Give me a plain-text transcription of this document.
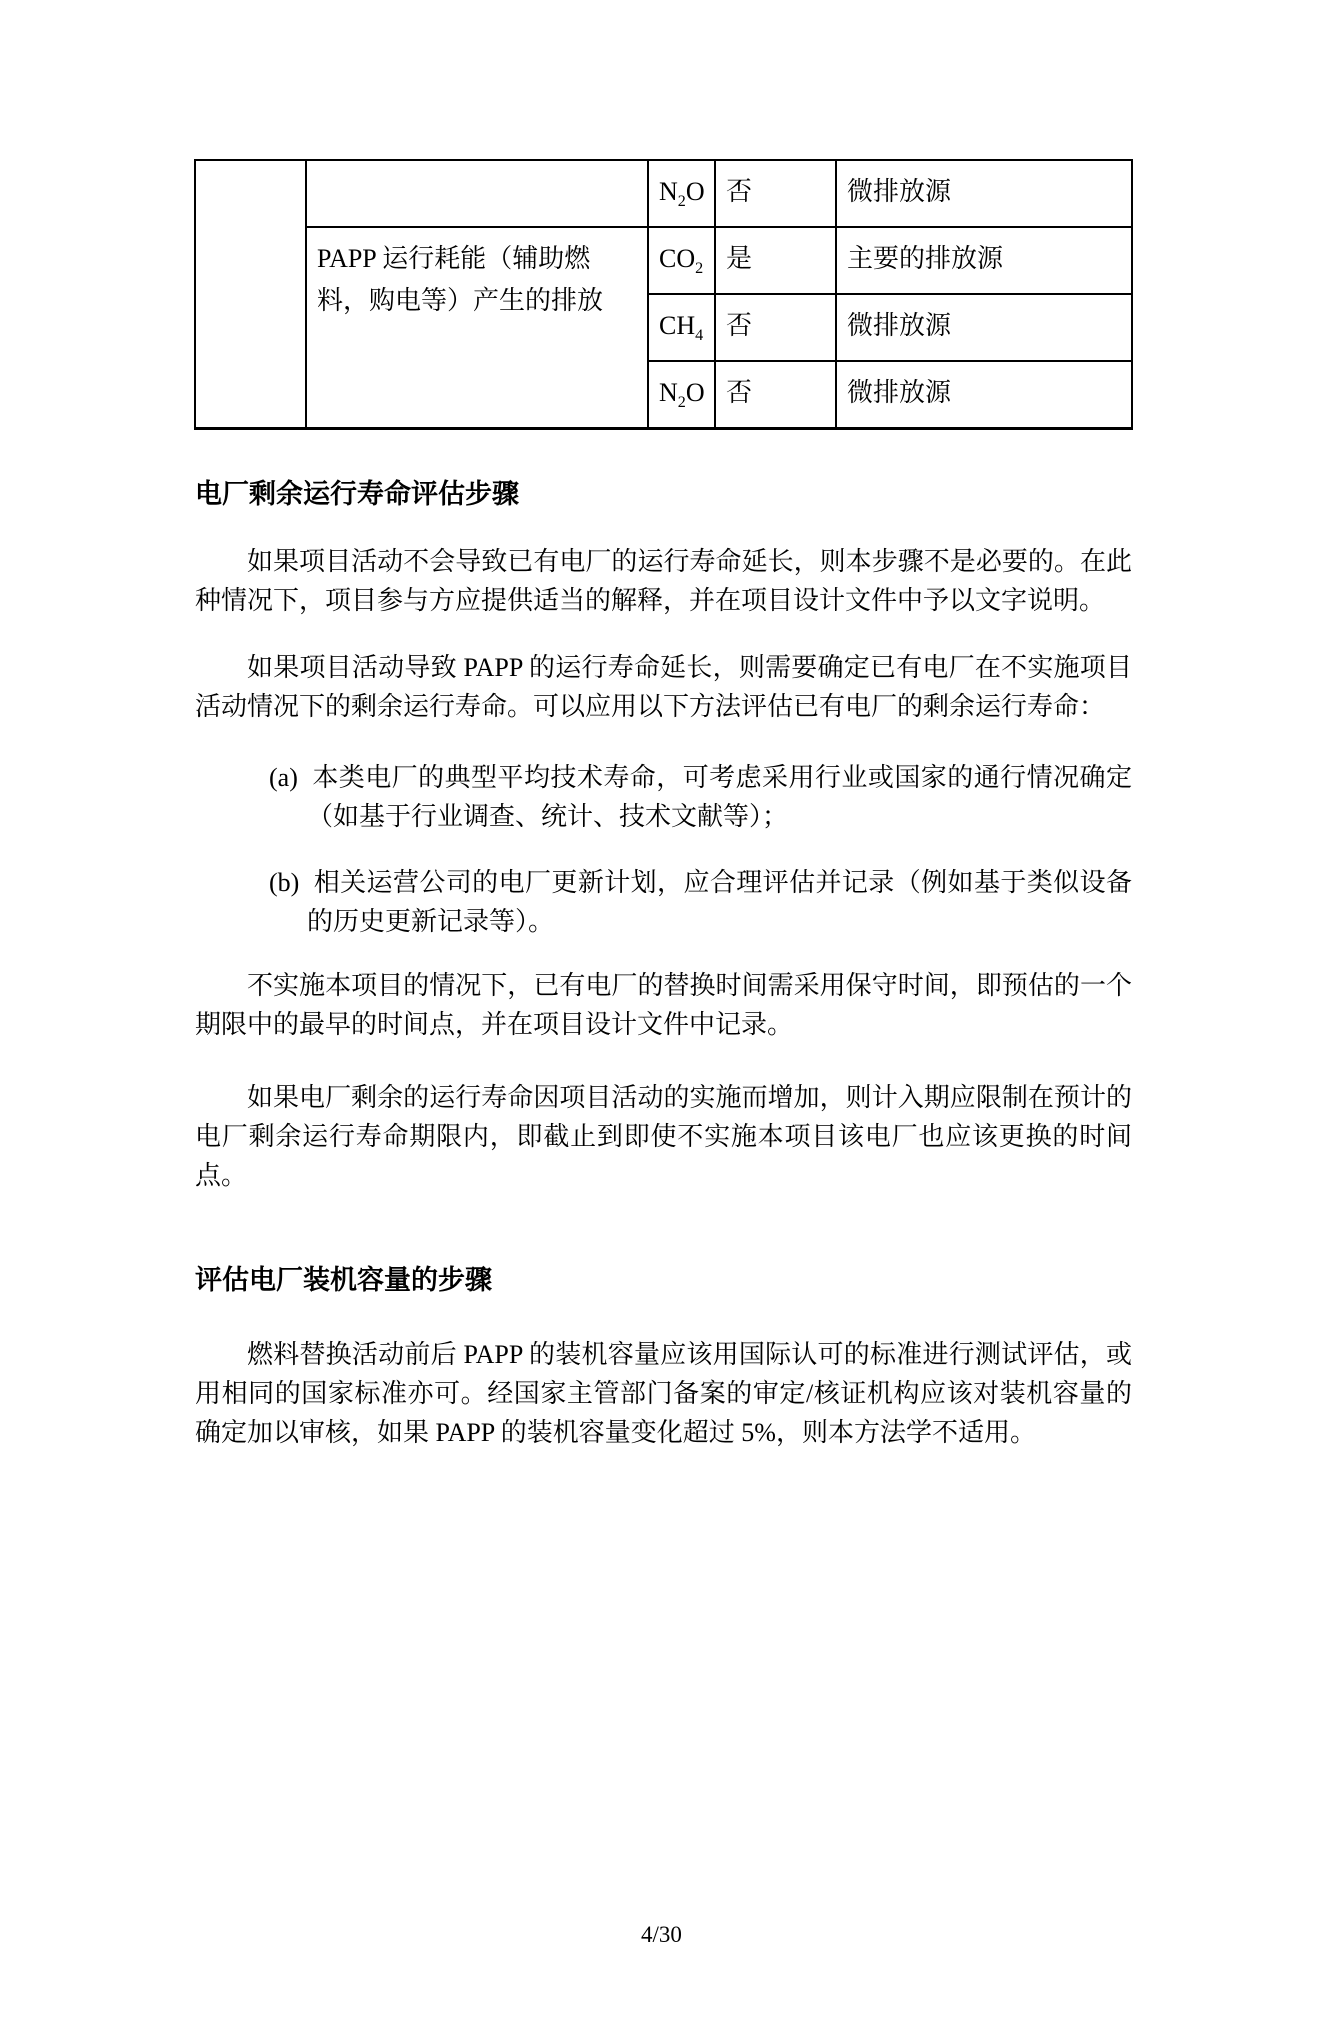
		$N_2O$	否	微排放源
	PAPP 运行耗能（辅助燃料，购电等）产生的排放	$CO_2$	是	主要的排放源
		$CH_4$	否	微排放源
		$N_2O$	否	微排放源
电厂剩余运行寿命评估步骤

如果项目活动不会导致已有电厂的运行寿命延长，则本步骤不是必要的。在此种情况下，项目参与方应提供适当的解释，并在项目设计文件中予以文字说明。

如果项目活动导致 PAPP 的运行寿命延长，则需要确定已有电厂在不实施项目活动情况下的剩余运行寿命。可以应用以下方法评估已有电厂的剩余运行寿命：

(a) 本类电厂的典型平均技术寿命，可考虑采用行业或国家的通行情况确定（如基于行业调查、统计、技术文献等）；

(b) 相关运营公司的电厂更新计划，应合理评估并记录（例如基于类似设备的历史更新记录等）。

不实施本项目的情况下，已有电厂的替换时间需采用保守时间，即预估的一个期限中的最早的时间点，并在项目设计文件中记录。

如果电厂剩余的运行寿命因项目活动的实施而增加，则计入期应限制在预计的电厂剩余运行寿命期限内，即截止到即使不实施本项目该电厂也应该更换的时间点。

评估电厂装机容量的步骤

燃料替换活动前后 PAPP 的装机容量应该用国际认可的标准进行测试评估，或用相同的国家标准亦可。经国家主管部门备案的审定/核证机构应该对装机容量的确定加以审核，如果 PAPP 的装机容量变化超过 5%，则本方法学不适用。

4/30
